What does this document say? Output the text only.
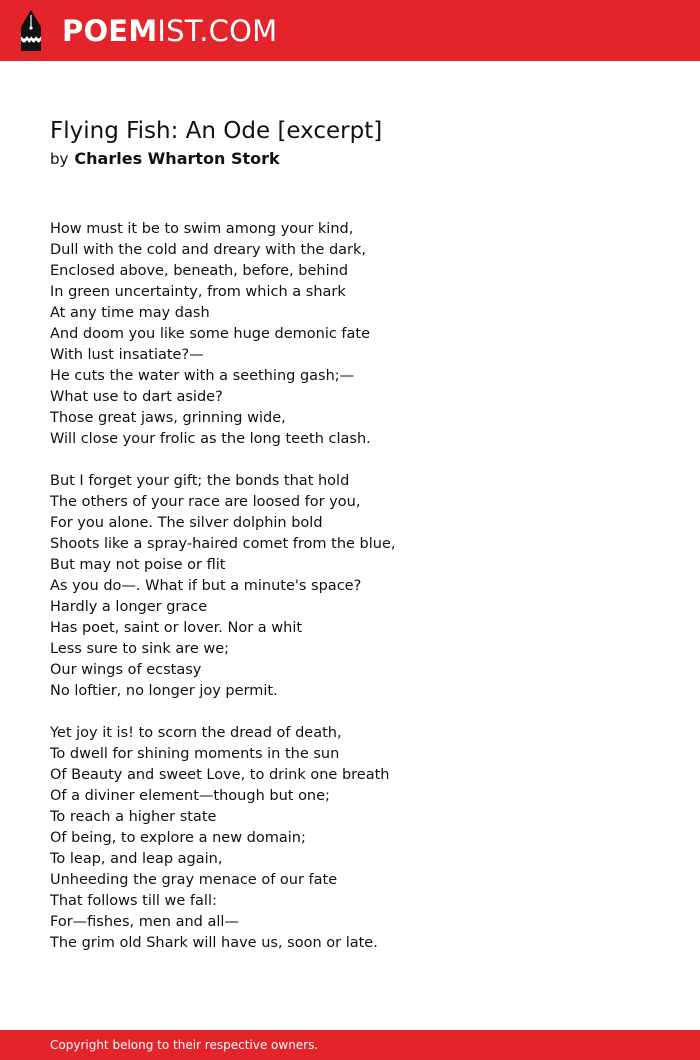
POEMIST.COM
Flying Fish: An Ode [excerpt]
by Charles Wharton Stork
How must it be to swim among your kind,
Dull with the cold and dreary with the dark,
Enclosed above, beneath, before, behind
In green uncertainty, from which a shark
At any time may dash
And doom you like some huge demonic fate
With lust insatiate?—
He cuts the water with a seething gash;—
What use to dart aside?
Those great jaws, grinning wide,
Will close your frolic as the long teeth clash.
But I forget your gift; the bonds that hold
The others of your race are loosed for you,
For you alone. The silver dolphin bold
Shoots like a spray-haired comet from the blue,
But may not poise or flit
As you do—. What if but a minute's space?
Hardly a longer grace
Has poet, saint or lover. Nor a whit
Less sure to sink are we;
Our wings of ecstasy
No loftier, no longer joy permit.
Yet joy it is! to scorn the dread of death,
To dwell for shining moments in the sun
Of Beauty and sweet Love, to drink one breath
Of a diviner element—though but one;
To reach a higher state
Of being, to explore a new domain;
To leap, and leap again,
Unheeding the gray menace of our fate
That follows till we fall:
For—fishes, men and all—
The grim old Shark will have us, soon or late.
Copyright belong to their respective owners.
